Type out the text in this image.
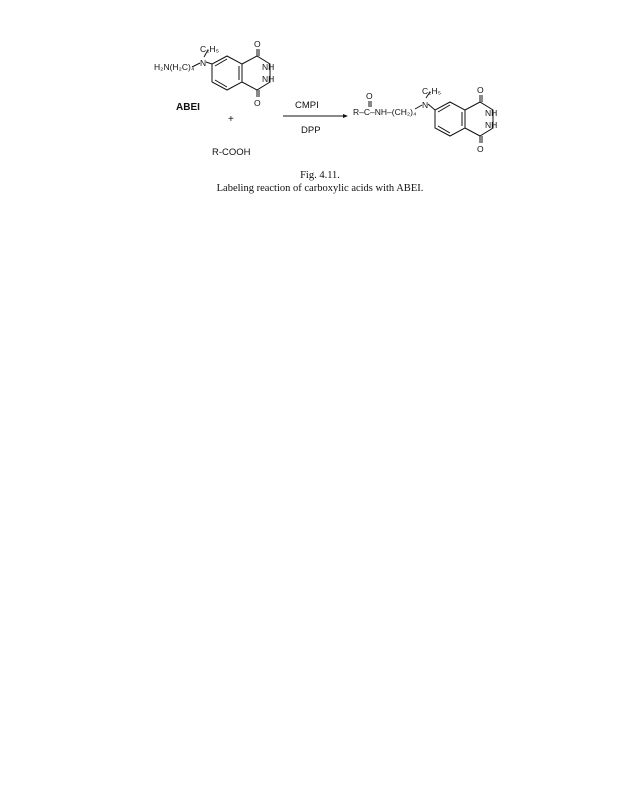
C₂H₅
N
H₂N(H₂C)₄
O
O
NH
NH
ABEI
+
R-COOH
CMPI
DPP
C₂H₅
N
O
R–C–NH–(CH₂)₄
O
O
NH
NH
Fig. 4.11.
Labeling reaction of carboxylic acids with ABEI.
